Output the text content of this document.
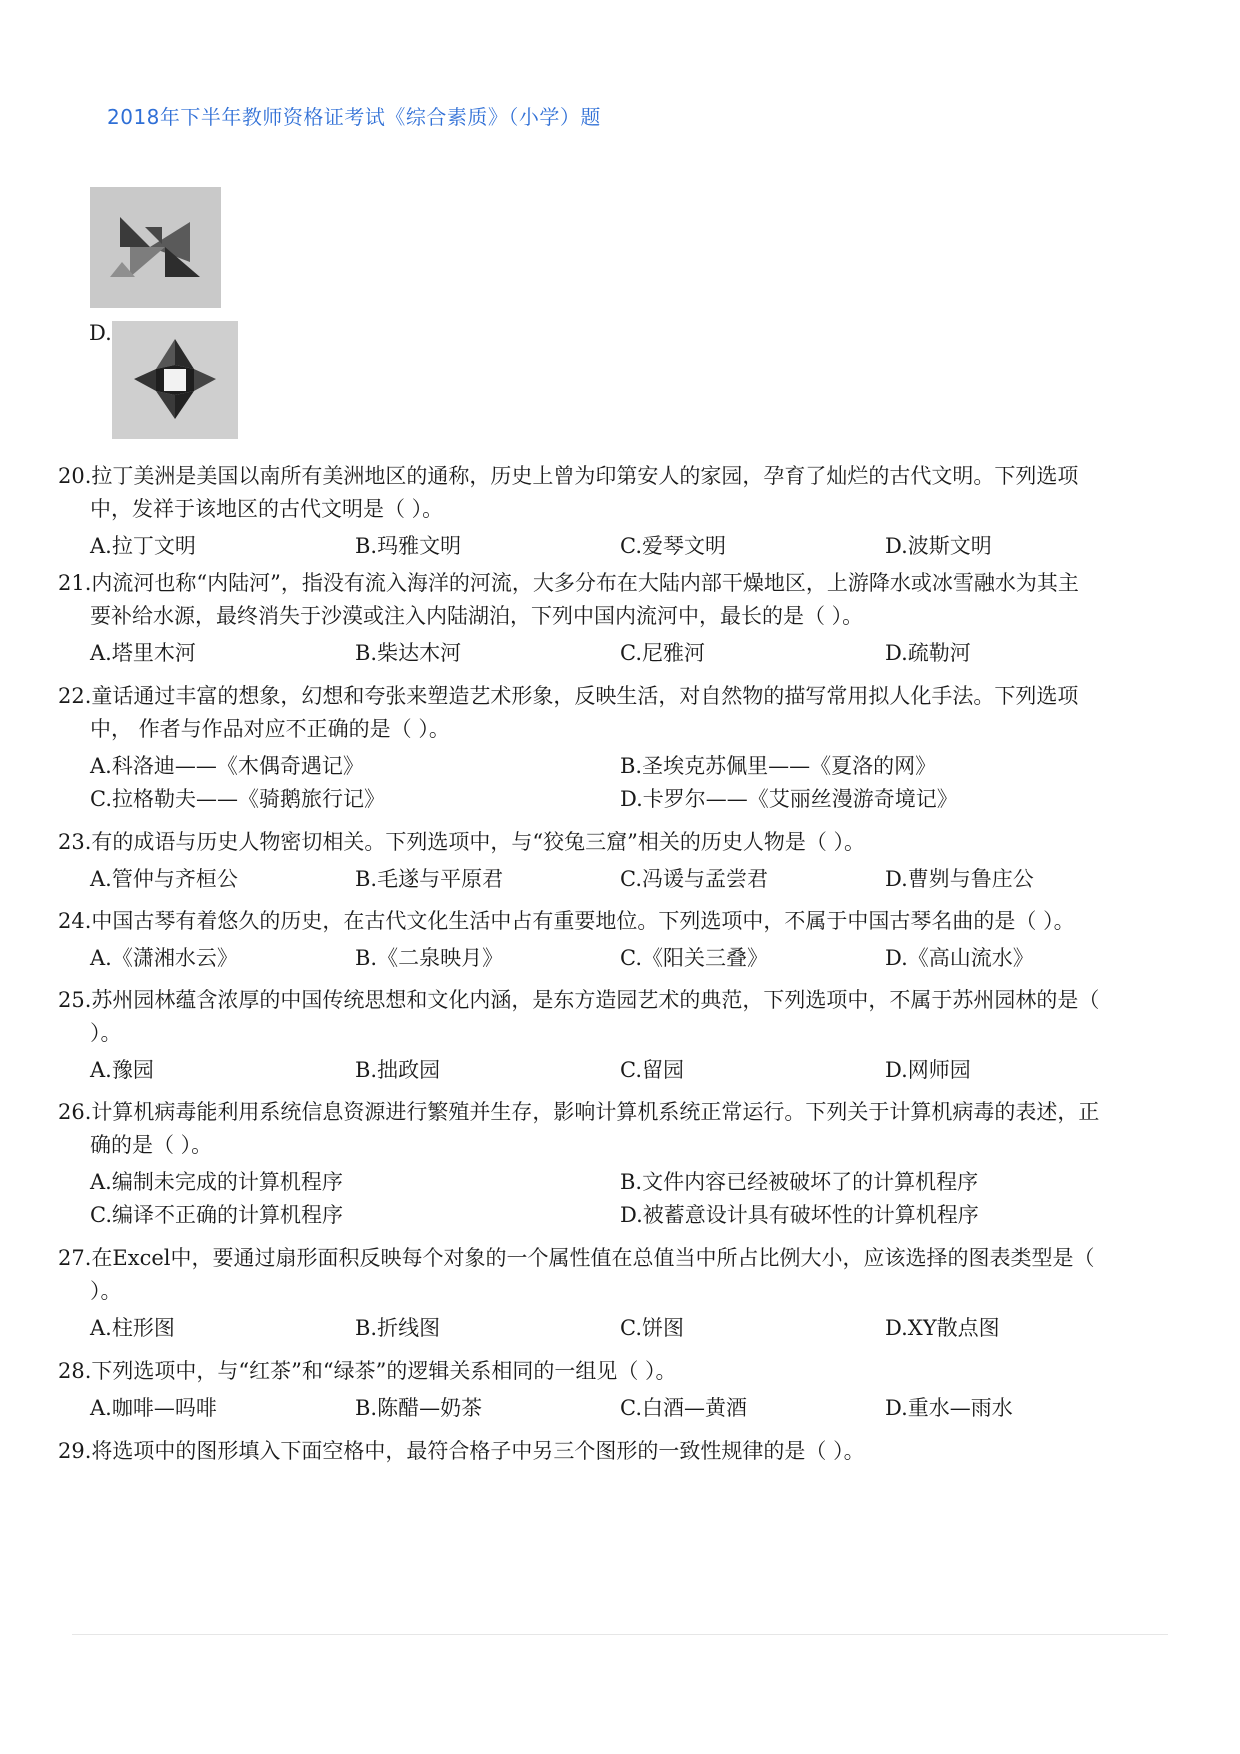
2018年下半年教师资格证考试《综合素质》（小学）题
D.
20.拉丁美洲是美国以南所有美洲地区的通称，历史上曾为印第安人的家园，孕育了灿烂的古代文明。下列选项
中，发祥于该地区的古代文明是（ ）。
A.拉丁文明	B.玛雅文明	C.爱琴文明	D.波斯文明
21.内流河也称“内陆河”，指没有流入海洋的河流，大多分布在大陆内部干燥地区，上游降水或冰雪融水为其主
要补给水源，最终消失于沙漠或注入内陆湖泊，下列中国内流河中，最长的是（ ）。
A.塔里木河	B.柴达木河	C.尼雅河	D.疏勒河
22.童话通过丰富的想象，幻想和夸张来塑造艺术形象，反映生活，对自然物的描写常用拟人化手法。下列选项
中， 作者与作品对应不正确的是（ ）。
A.科洛迪——《木偶奇遇记》	B.圣埃克苏佩里——《夏洛的网》
C.拉格勒夫——《骑鹅旅行记》	D.卡罗尔——《艾丽丝漫游奇境记》
23.有的成语与历史人物密切相关。下列选项中，与“狡兔三窟”相关的历史人物是（ ）。
A.管仲与齐桓公	B.毛遂与平原君	C.冯谖与孟尝君	D.曹刿与鲁庄公
24.中国古琴有着悠久的历史，在古代文化生活中占有重要地位。下列选项中，不属于中国古琴名曲的是（ ）。
A.《潇湘水云》	B.《二泉映月》	C.《阳关三叠》	D.《高山流水》
25.苏州园林蕴含浓厚的中国传统思想和文化内涵，是东方造园艺术的典范，下列选项中，不属于苏州园林的是（
）。
A.豫园	B.拙政园	C.留园	D.网师园
26.计算机病毒能利用系统信息资源进行繁殖并生存，影响计算机系统正常运行。下列关于计算机病毒的表述，正
确的是（ ）。
A.编制未完成的计算机程序	B.文件内容已经被破坏了的计算机程序
C.编译不正确的计算机程序	D.被蓄意设计具有破坏性的计算机程序
27.在Excel中，要通过扇形面积反映每个对象的一个属性值在总值当中所占比例大小，应该选择的图表类型是（
）。
A.柱形图	B.折线图	C.饼图	D.XY散点图
28.下列选项中，与“红茶”和“绿茶”的逻辑关系相同的一组见（ ）。
A.咖啡—吗啡	B.陈醋—奶茶	C.白酒—黄酒	D.重水—雨水
29.将选项中的图形填入下面空格中，最符合格子中另三个图形的一致性规律的是（ ）。
